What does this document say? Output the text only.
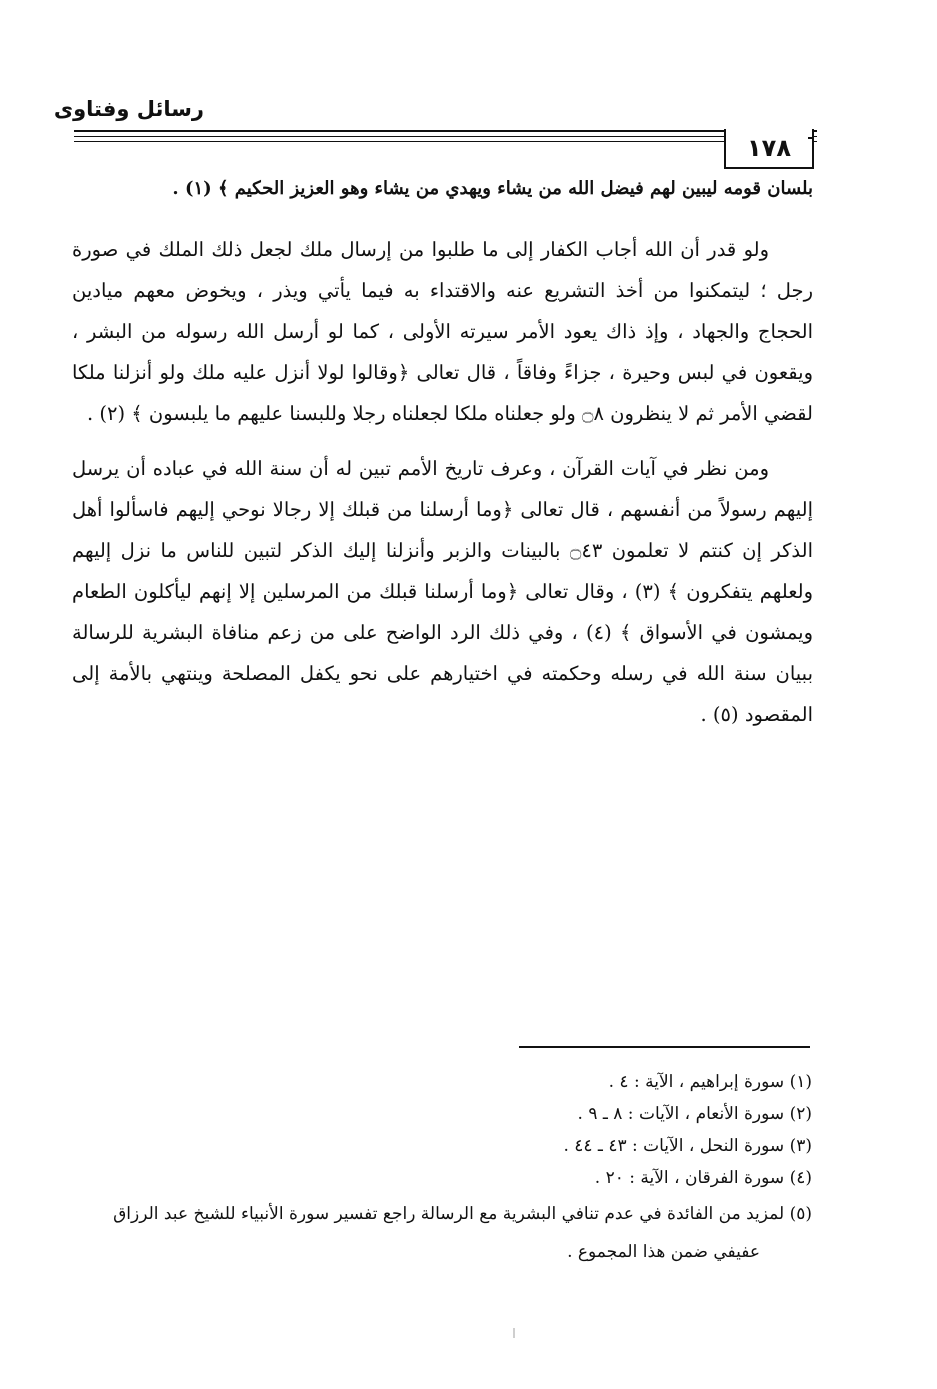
رسائل وفتاوى
١٧٨

بلسان قومه ليبين لهم فيضل الله من يشاء ويهدي من يشاء وهو العزيز الحكيم ﴾ (١) .

ولو قدر أن الله أجاب الكفار إلى ما طلبوا من إرسال ملك لجعل ذلك الملك في صورة رجل ؛ ليتمكنوا من أخذ التشريع عنه والاقتداء به فيما يأتي ويذر ، ويخوض معهم ميادين الحجاج والجهاد ، وإذ ذاك يعود الأمر سيرته الأولى ، كما لو أرسل الله رسوله من البشر ، ويقعون في لبس وحيرة ، جزاءً وفاقاً ، قال تعالى ﴿وقالوا لولا أنزل عليه ملك ولو أنزلنا ملكا لقضي الأمر ثم لا ينظرون ۝٨ ولو جعلناه ملكا لجعلناه رجلا وللبسنا عليهم ما يلبسون ﴾ (٢) .

ومن نظر في آيات القرآن ، وعرف تاريخ الأمم تبين له أن سنة الله في عباده أن يرسل إليهم رسولاً من أنفسهم ، قال تعالى ﴿وما أرسلنا من قبلك إلا رجالا نوحي إليهم فاسألوا أهل الذكر إن كنتم لا تعلمون ۝٤٣ بالبينات والزبر وأنزلنا إليك الذكر لتبين للناس ما نزل إليهم ولعلهم يتفكرون ﴾ (٣) ، وقال تعالى ﴿وما أرسلنا قبلك من المرسلين إلا إنهم ليأكلون الطعام ويمشون في الأسواق ﴾ (٤) ، وفي ذلك الرد الواضح على من زعم منافاة البشرية للرسالة ببيان سنة الله في رسله وحكمته في اختيارهم على نحو يكفل المصلحة وينتهي بالأمة إلى المقصود (٥) .

(١) سورة إبراهيم ، الآية : ٤ .
(٢) سورة الأنعام ، الآيات : ٨ ـ ٩ .
(٣) سورة النحل ، الآيات : ٤٣ ـ ٤٤ .
(٤) سورة الفرقان ، الآية : ٢٠ .
(٥) لمزيد من الفائدة في عدم تنافي البشرية مع الرسالة راجع تفسير سورة الأنبياء للشيخ عبد الرزاق
عفيفي ضمن هذا المجموع .
